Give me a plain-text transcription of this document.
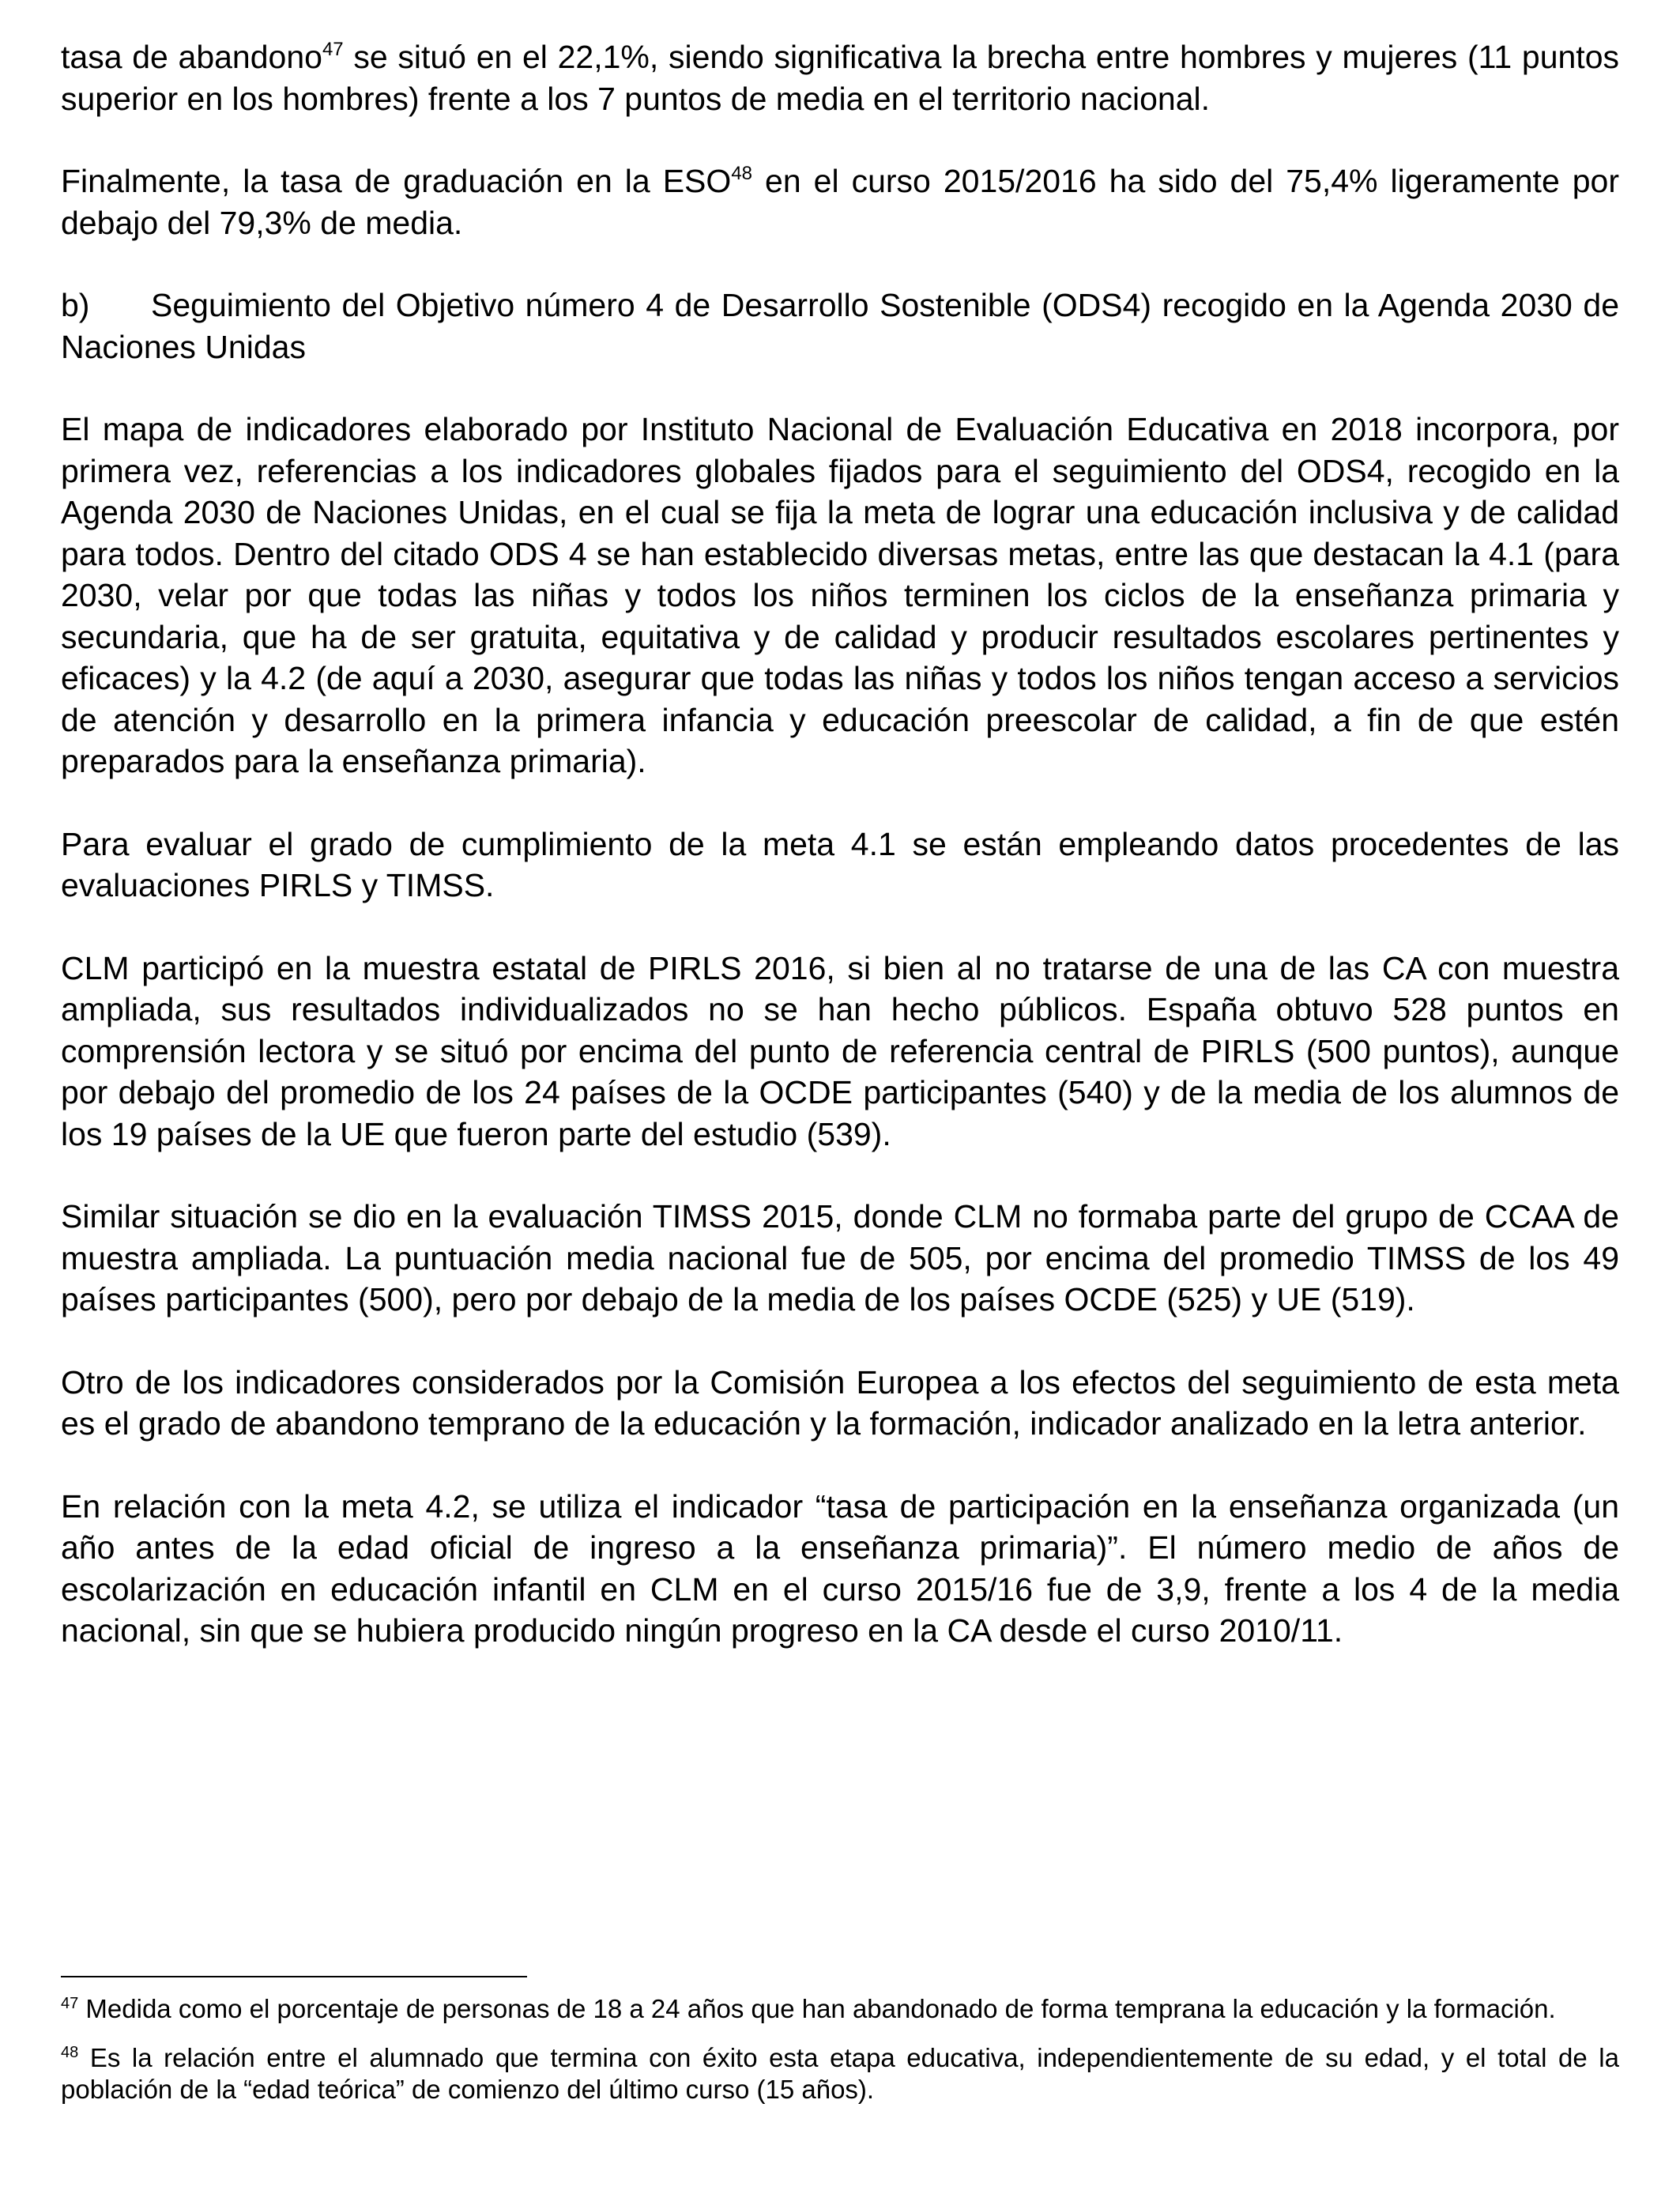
tasa de abandono$^{47}$ se situó en el 22,1%, siendo significativa la brecha entre hombres y mujeres (11 puntos superior en los hombres) frente a los 7 puntos de media en el territorio nacional.

Finalmente, la tasa de graduación en la ESO$^{48}$ en el curso 2015/2016 ha sido del 75,4% ligeramente por debajo del 79,3% de media.

b) Seguimiento del Objetivo número 4 de Desarrollo Sostenible (ODS4) recogido en la Agenda 2030 de Naciones Unidas

El mapa de indicadores elaborado por Instituto Nacional de Evaluación Educativa en 2018 incorpora, por primera vez, referencias a los indicadores globales fijados para el seguimiento del ODS4, recogido en la Agenda 2030 de Naciones Unidas, en el cual se fija la meta de lograr una educación inclusiva y de calidad para todos. Dentro del citado ODS 4 se han establecido diversas metas, entre las que destacan la 4.1 (para 2030, velar por que todas las niñas y todos los niños terminen los ciclos de la enseñanza primaria y secundaria, que ha de ser gratuita, equitativa y de calidad y producir resultados escolares pertinentes y eficaces) y la 4.2 (de aquí a 2030, asegurar que todas las niñas y todos los niños tengan acceso a servicios de atención y desarrollo en la primera infancia y educación preescolar de calidad, a fin de que estén preparados para la enseñanza primaria).

Para evaluar el grado de cumplimiento de la meta 4.1 se están empleando datos procedentes de las evaluaciones PIRLS y TIMSS.

CLM participó en la muestra estatal de PIRLS 2016, si bien al no tratarse de una de las CA con muestra ampliada, sus resultados individualizados no se han hecho públicos. España obtuvo 528 puntos en comprensión lectora y se situó por encima del punto de referencia central de PIRLS (500 puntos), aunque por debajo del promedio de los 24 países de la OCDE participantes (540) y de la media de los alumnos de los 19 países de la UE que fueron parte del estudio (539).

Similar situación se dio en la evaluación TIMSS 2015, donde CLM no formaba parte del grupo de CCAA de muestra ampliada. La puntuación media nacional fue de 505, por encima del promedio TIMSS de los 49 países participantes (500), pero por debajo de la media de los países OCDE (525) y UE (519).

Otro de los indicadores considerados por la Comisión Europea a los efectos del seguimiento de esta meta es el grado de abandono temprano de la educación y la formación, indicador analizado en la letra anterior.

En relación con la meta 4.2, se utiliza el indicador “tasa de participación en la enseñanza organizada (un año antes de la edad oficial de ingreso a la enseñanza primaria)”. El número medio de años de escolarización en educación infantil en CLM en el curso 2015/16 fue de 3,9, frente a los 4 de la media nacional, sin que se hubiera producido ningún progreso en la CA desde el curso 2010/11.

$^{47}$ Medida como el porcentaje de personas de 18 a 24 años que han abandonado de forma temprana la educación y la formación.

$^{48}$ Es la relación entre el alumnado que termina con éxito esta etapa educativa, independientemente de su edad, y el total de la población de la “edad teórica” de comienzo del último curso (15 años).
